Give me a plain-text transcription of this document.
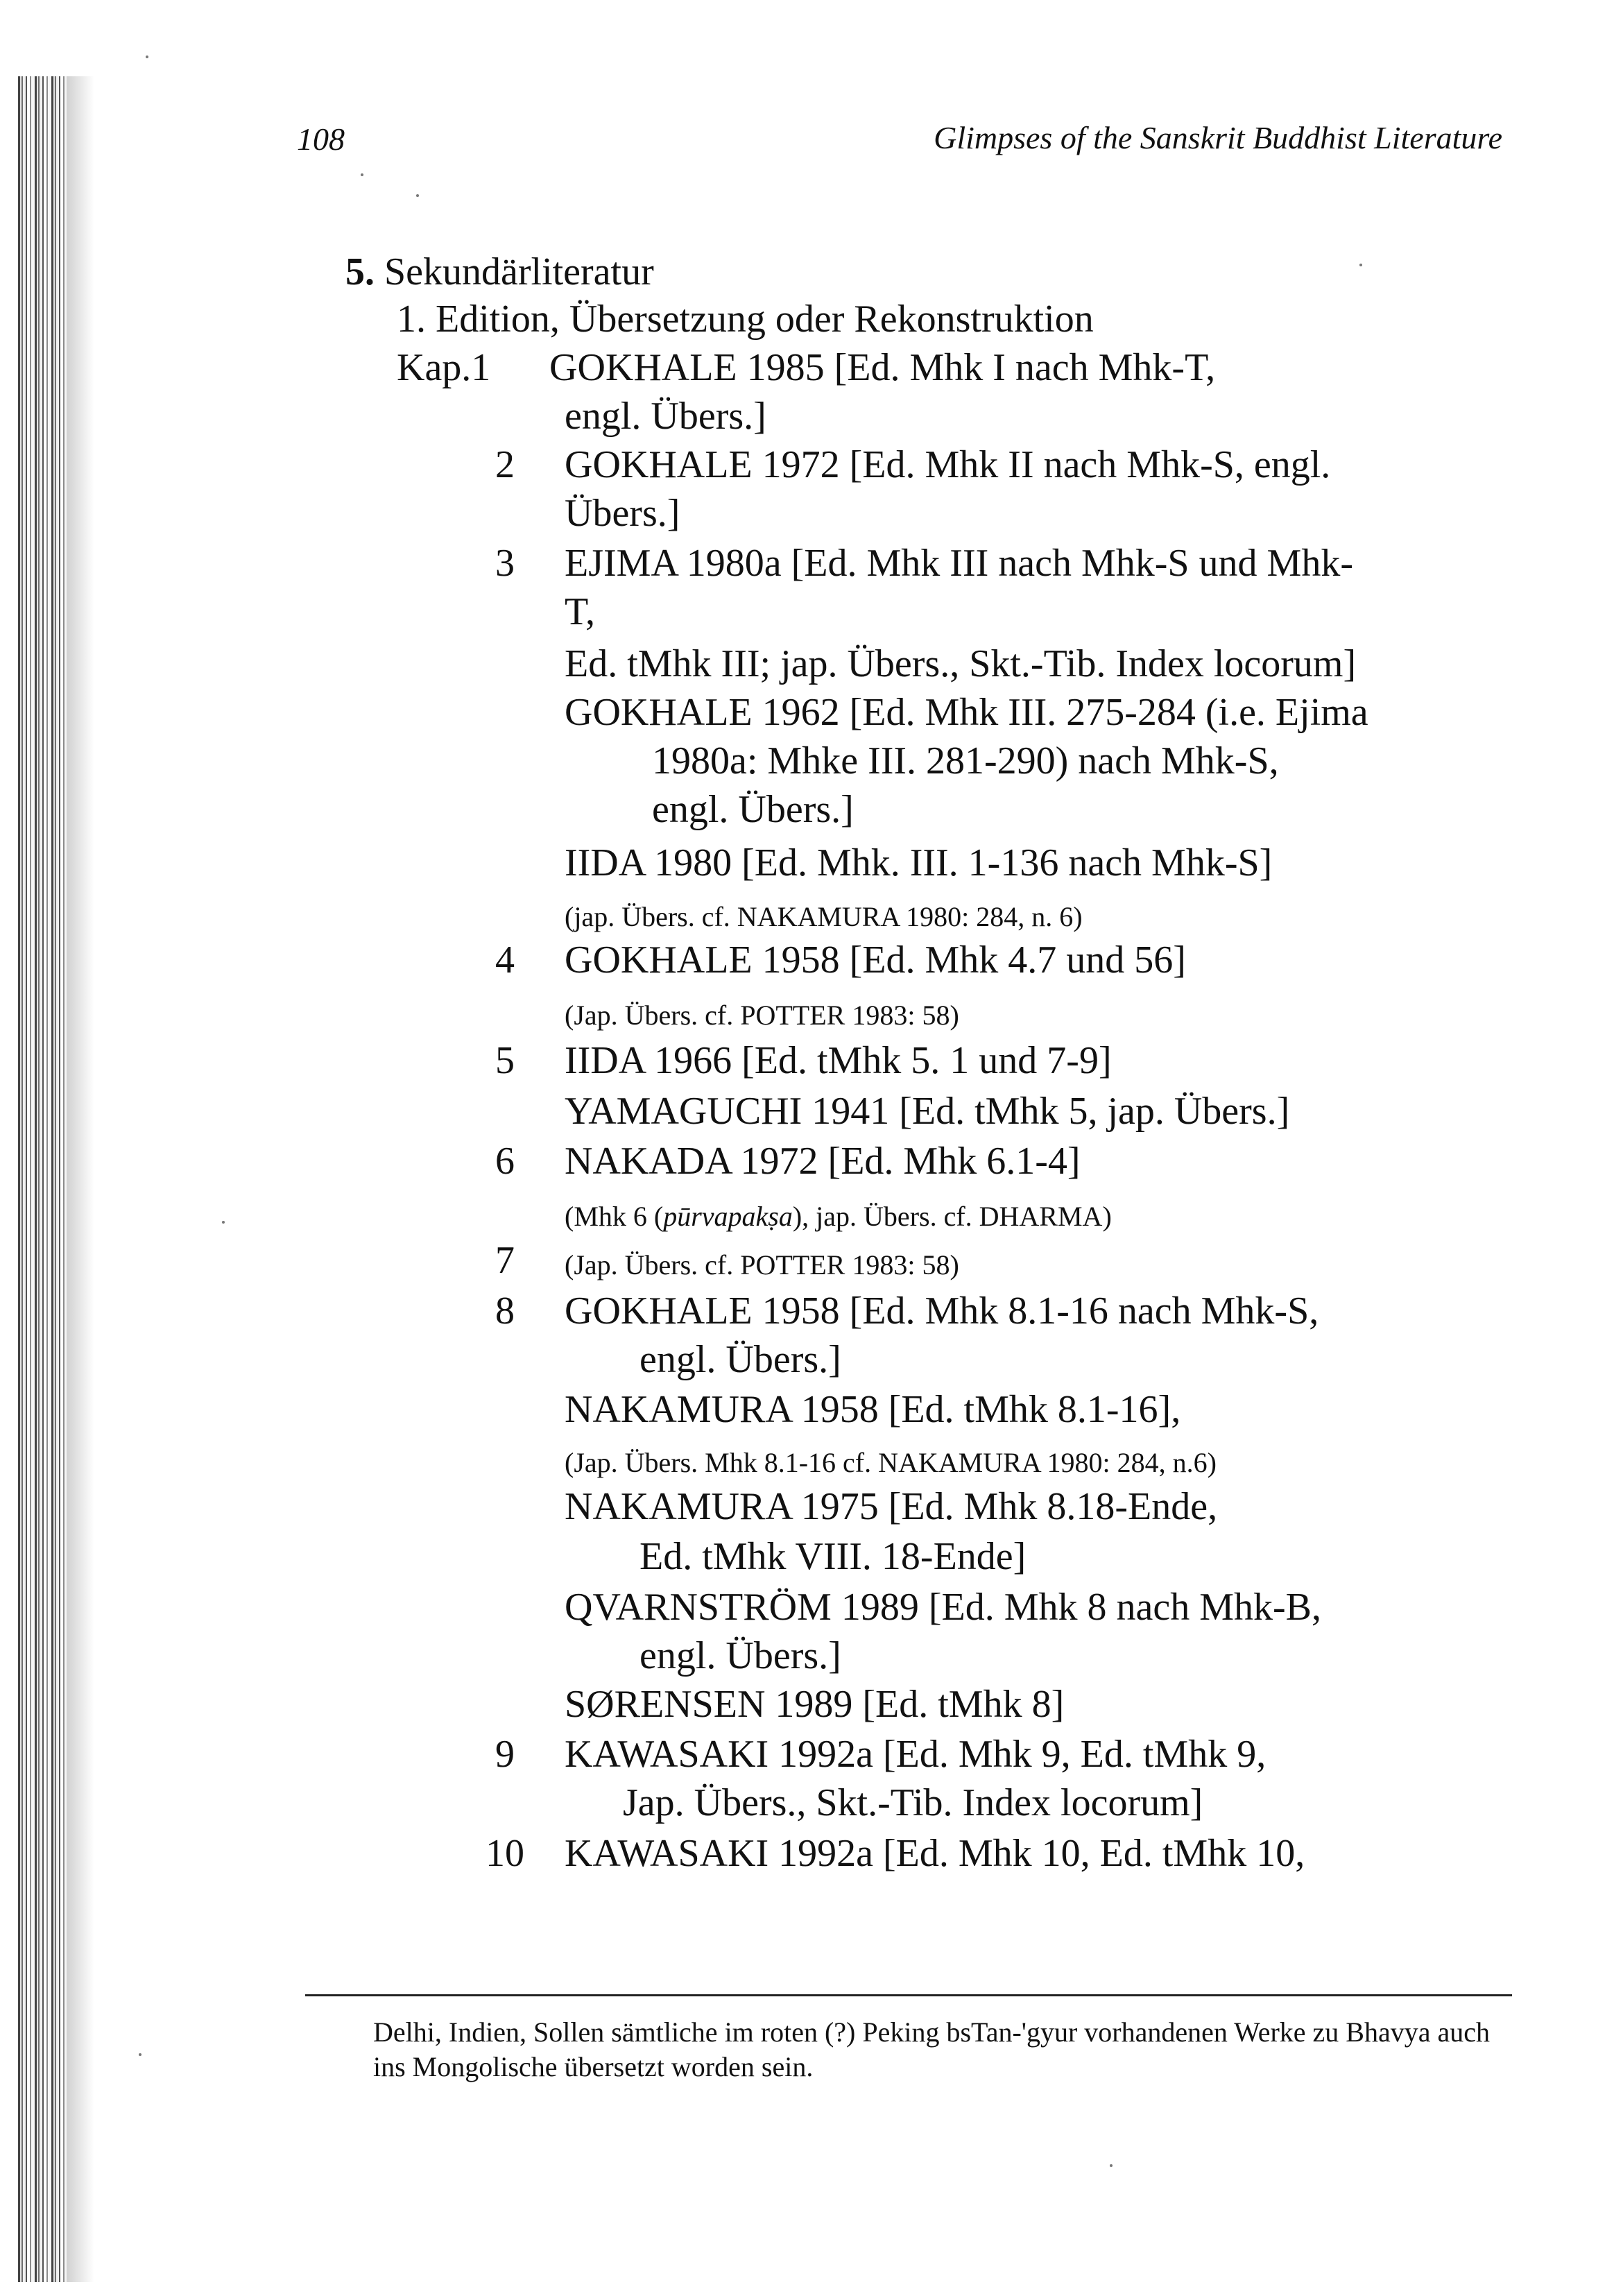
108	Glimpses of the Sanskrit Buddhist Literature
5. Sekundärliteratur
1. Edition, Übersetzung oder Rekonstruktion
Kap.1 GOKHALE 1985 [Ed. Mhk I nach Mhk-T,
engl. Übers.]
2 GOKHALE 1972 [Ed. Mhk II nach Mhk-S, engl.
Übers.]
3 EJIMA 1980a [Ed. Mhk III nach Mhk-S und Mhk-
T,
Ed. tMhk III; jap. Übers., Skt.-Tib. Index locorum]
GOKHALE 1962 [Ed. Mhk III. 275-284 (i.e. Ejima
1980a: Mhke III. 281-290) nach Mhk-S,
engl. Übers.]
IIDA 1980 [Ed. Mhk. III. 1-136 nach Mhk-S]
(jap. Übers. cf. NAKAMURA 1980: 284, n. 6)
4 GOKHALE 1958 [Ed. Mhk 4.7 und 56]
(Jap. Übers. cf. POTTER 1983: 58)
5 IIDA 1966 [Ed. tMhk 5. 1 und 7-9]
YAMAGUCHI 1941 [Ed. tMhk 5, jap. Übers.]
6 NAKADA 1972 [Ed. Mhk 6.1-4]
(Mhk 6 (pūrvapakṣa), jap. Übers. cf. DHARMA)
7 (Jap. Übers. cf. POTTER 1983: 58)
8 GOKHALE 1958 [Ed. Mhk 8.1-16 nach Mhk-S,
engl. Übers.]
NAKAMURA 1958 [Ed. tMhk 8.1-16],
(Jap. Übers. Mhk 8.1-16 cf. NAKAMURA 1980: 284, n.6)
NAKAMURA 1975 [Ed. Mhk 8.18-Ende,
Ed. tMhk VIII. 18-Ende]
QVARNSTRÖM 1989 [Ed. Mhk 8 nach Mhk-B,
engl. Übers.]
SØRENSEN 1989 [Ed. tMhk 8]
9 KAWASAKI 1992a [Ed. Mhk 9, Ed. tMhk 9,
Jap. Übers., Skt.-Tib. Index locorum]
10 KAWASAKI 1992a [Ed. Mhk 10, Ed. tMhk 10,
Delhi, Indien, Sollen sämtliche im roten (?) Peking bsTan-'gyur vorhandenen Werke zu Bhavya auch ins Mongolische übersetzt worden sein.
